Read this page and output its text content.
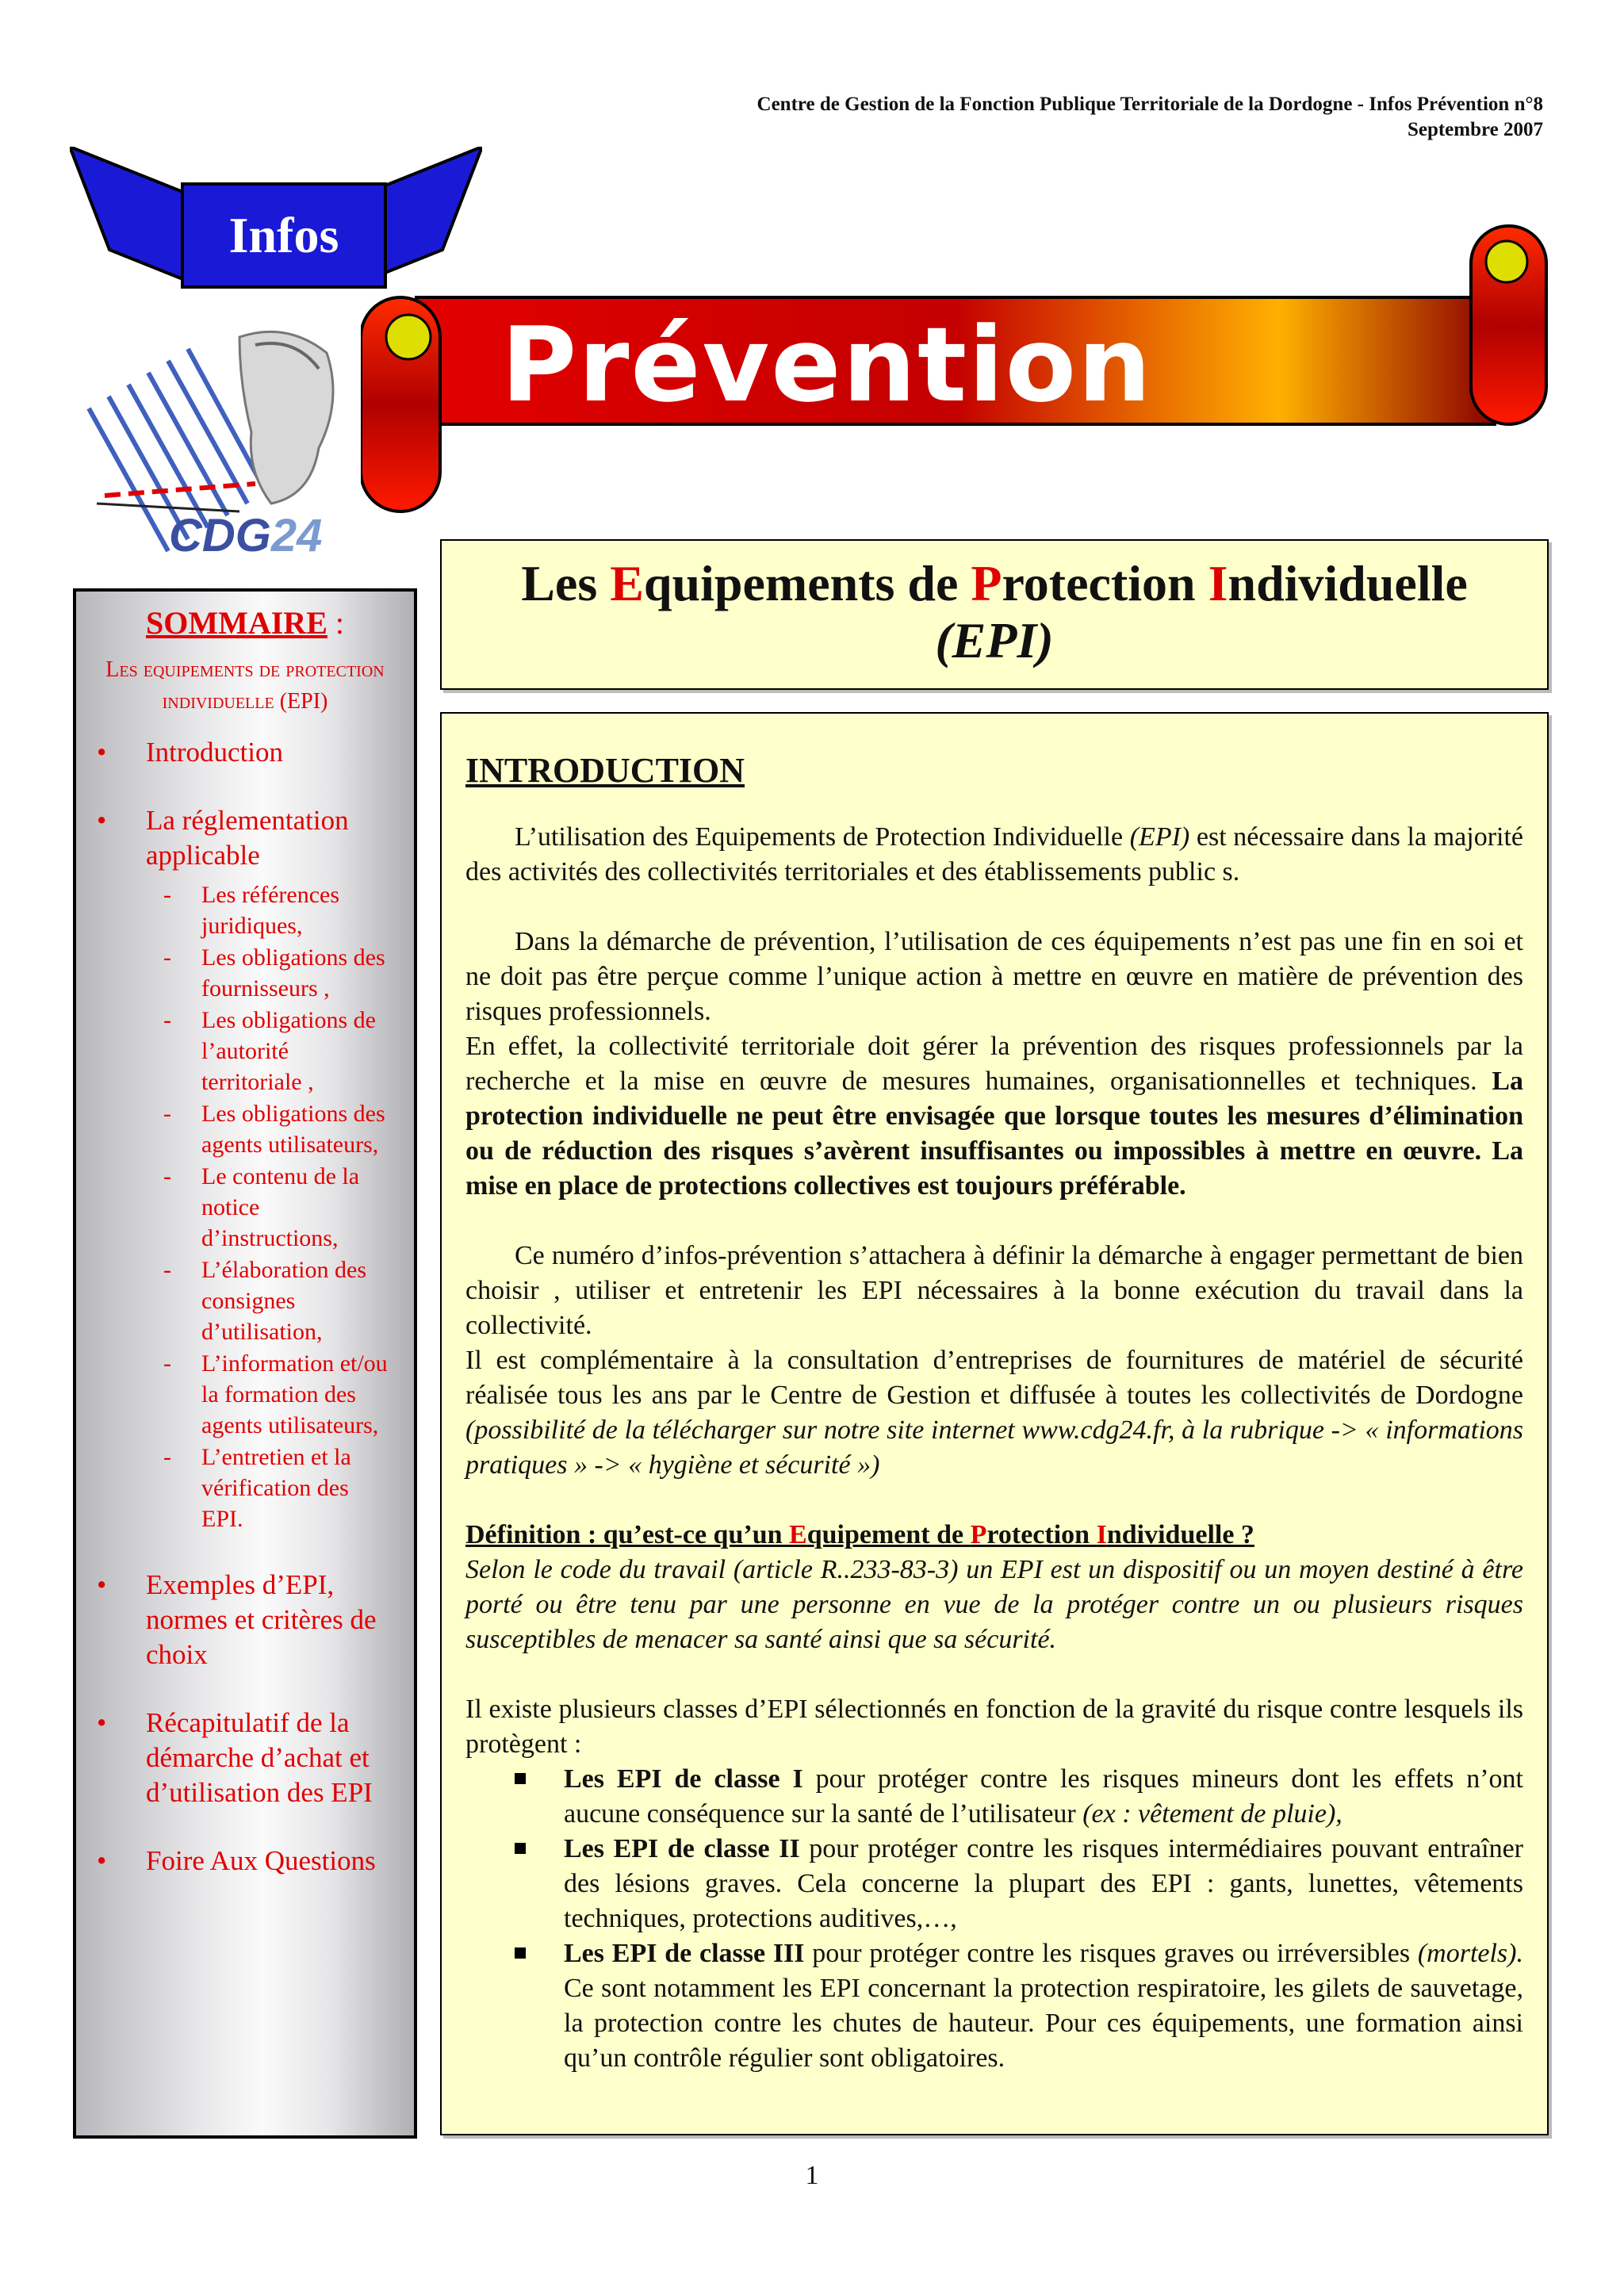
Centre de Gestion de la Fonction Publique Territoriale de la Dordogne - Infos Prévention n°8
Septembre 2007
Infos
Prévention
CDG24
SOMMAIRE :
Les equipements de protection individuelle (EPI)
• Introduction
• La réglementation applicable
- Les références juridiques,
- Les obligations des fournisseurs ,
- Les obligations de l’autorité territoriale ,
- Les obligations des agents utilisateurs,
- Le contenu de la notice d’instructions,
- L’élaboration des consignes d’utilisation,
- L’information et/ou la formation des agents utilisateurs,
- L’entretien et la vérification des EPI.
• Exemples d’EPI, normes et critères de choix
• Récapitulatif de la démarche d’achat et d’utilisation des EPI
• Foire Aux Questions
Les Equipements de Protection Individuelle
(EPI)
INTRODUCTION

L’utilisation des Equipements de Protection Individuelle (EPI) est nécessaire dans la majorité des activités des collectivités territoriales et des établissements public s.

Dans la démarche de prévention, l’utilisation de ces équipements n’est pas une fin en soi et ne doit pas être perçue comme l’unique action à mettre en œuvre en matière de prévention des risques professionnels.

En effet, la collectivité territoriale doit gérer la prévention des risques professionnels par la recherche et la mise en œuvre de mesures humaines, organisationnelles et techniques. La protection individuelle ne peut être envisagée que lorsque toutes les mesures d’élimination ou de réduction des risques s’avèrent insuffisantes ou impossibles à mettre en œuvre. La mise en place de protections collectives est toujours préférable.

Ce numéro d’infos-prévention s’attachera à définir la démarche à engager permettant de bien choisir , utiliser et entretenir les EPI nécessaires à la bonne exécution du travail dans la collectivité.

Il est complémentaire à la consultation d’entreprises de fournitures de matériel de sécurité réalisée tous les ans par le Centre de Gestion et diffusée à toutes les collectivités de Dordogne (possibilité de la télécharger sur notre site internet www.cdg24.fr, à la rubrique -> « informations pratiques » -> « hygiène et sécurité »)

Définition : qu’est-ce qu’un Equipement de Protection Individuelle ?

Selon le code du travail (article R..233-83-3) un EPI est un dispositif ou un moyen destiné à être porté ou être tenu par une personne en vue de la protéger contre un ou plusieurs risques susceptibles de menacer sa santé ainsi que sa sécurité.

Il existe plusieurs classes d’EPI sélectionnés en fonction de la gravité du risque contre lesquels ils protègent :

Les EPI de classe I pour protéger contre les risques mineurs dont les effets n’ont aucune conséquence sur la santé de l’utilisateur (ex : vêtement de pluie),
Les EPI de classe II pour protéger contre les risques intermédiaires pouvant entraîner des lésions graves. Cela concerne la plupart des EPI : gants, lunettes, vêtements techniques, protections auditives,…,
Les EPI de classe III pour protéger contre les risques graves ou irréversibles (mortels). Ce sont notamment les EPI concernant la protection respiratoire, les gilets de sauvetage, la protection contre les chutes de hauteur. Pour ces équipements, une formation ainsi qu’un contrôle régulier sont obligatoires.
1
